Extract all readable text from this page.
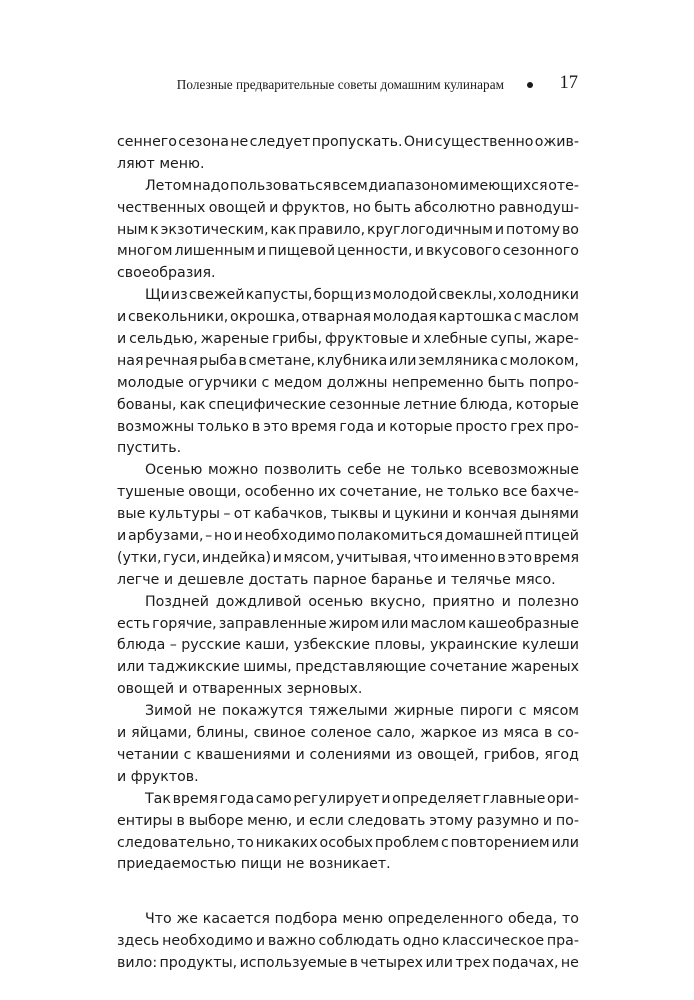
Полезные предварительные советы домашним кулинарам	17
сеннего сезона не следует пропускать. Они существенно ожив-
ляют меню.
Летом надо пользоваться всем диапазоном имеющихся оте-
чественных овощей и фруктов, но быть абсолютно равнодуш-
ным к экзотическим, как правило, круглогодичным и потому во
многом лишенным и пищевой ценности, и вкусового сезонного
своеобразия.
Щи из свежей капусты, борщ из молодой свеклы, холодники
и свекольники, окрошка, отварная молодая картошка с маслом
и сельдью, жареные грибы, фруктовые и хлебные супы, жаре-
ная речная рыба в сметане, клубника или земляника с молоком,
молодые огурчики с медом должны непременно быть попро-
бованы, как специфические сезонные летние блюда, которые
возможны только в это время года и которые просто грех про-
пустить.
Осенью можно позволить себе не только всевозможные
тушеные овощи, особенно их сочетание, не только все бахче-
вые культуры – от кабачков, тыквы и цукини и кончая дынями
и арбузами, – но и необходимо полакомиться домашней птицей
(утки, гуси, индейка) и мясом, учитывая, что именно в это время
легче и дешевле достать парное баранье и телячье мясо.
Поздней дождливой осенью вкусно, приятно и полезно
есть горячие, заправленные жиром или маслом кашеобразные
блюда – русские каши, узбекские пловы, украинские кулеши
или таджикские шимы, представляющие сочетание жареных
овощей и отваренных зерновых.
Зимой не покажутся тяжелыми жирные пироги с мясом
и яйцами, блины, свиное соленое сало, жаркое из мяса в со-
четании с квашениями и солениями из овощей, грибов, ягод
и фруктов.
Так время года само регулирует и определяет главные ори-
ентиры в выборе меню, и если следовать этому разумно и по-
следовательно, то никаких особых проблем с повторением или
приедаемостью пищи не возникает.
Что же касается подбора меню определенного обеда, то
здесь необходимо и важно соблюдать одно классическое пра-
вило: продукты, используемые в четырех или трех подачах, не
